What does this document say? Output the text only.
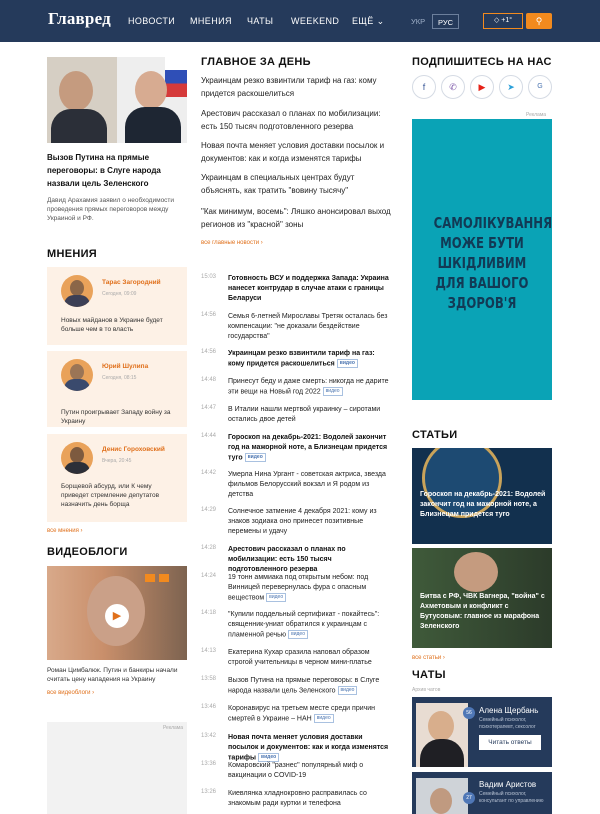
Главред НОВОСТИ МНЕНИЯ ЧАТЫ WEEKEND ЕЩЁ ⌄	УКР	РУС	◇ +1°	⚲
Вызов Путина на прямые переговоры: в Слуге народа назвали цель Зеленского
Давид Арахамия заявил о необходимости проведения прямых переговоров между Украиной и РФ.
МНЕНИЯ
Тарас Загородний
Сегодня, 09:09
Новых майданов в Украине будет больше чем в то власть
Юрий Шулипа
Сегодня, 08:15
Путин проигрывает Западу войну за Украину
Денис Гороховский
Вчера, 20:45
Борщевой абсурд, или К чему приведет стремление депутатов назначить день борща
все мнения ›
ВИДЕОБЛОГИ
▶
Роман Цимбалюк. Путин и банкиры начали считать цену нападения на Украину
все видеоблоги ›
Реклама
ГЛАВНОЕ ЗА ДЕНЬ
Украинцам резко взвинтили тариф на газ: кому придется раскошелиться
Арестович рассказал о планах по мобилизации: есть 150 тысяч подготовленного резерва
Новая почта меняет условия доставки посылок и документов: как и когда изменятся тарифы
Украинцам в специальных центрах будут объяснять, как тратить "вовину тысячу"
"Как минимум, восемь": Ляшко анонсировал выход регионов из "красной" зоны
все главные новости ›
15:03 Готовность ВСУ и поддержка Запада: Украина нанесет контрудар в случае атаки с границы Беларуси
14:56 Семья 6-летней Мирославы Третяк осталась без компенсации: "не доказали бездействие государства"
14:56 Украинцам резко взвинтили тариф на газ: кому придется раскошелиться видео
14:48 Принесут беду и даже смерть: никогда не дарите эти вещи на Новый год 2022 видео
14:47 В Италии нашли мертвой украинку – сиротами остались двое детей
14:44 Гороскоп на декабрь-2021: Водолей закончит год на мажорной ноте, а Близнецам придется туго видео
14:42 Умерла Нина Ургант - советская актриса, звезда фильмов Белорусский вокзал и Я родом из детства
14:29 Солнечное затмение 4 декабря 2021: кому из знаков зодиака оно принесет позитивные перемены и удачу
14:28 Арестович рассказал о планах по мобилизации: есть 150 тысяч подготовленного резерва
14:24 19 тонн аммиака под открытым небом: под Винницей перевернулась фура с опасным веществом видео
14:18 "Купили поддельный сертификат - покайтесь": священник-униат обратился к украинцам с пламенной речью видео
14:13 Екатерина Кухар сразила наповал образом строгой учительницы в черном мини-платье
13:58 Вызов Путина на прямые переговоры: в Слуге народа назвали цель Зеленского видео
13:46 Коронавирус на третьем месте среди причин смертей в Украине – НАН видео
13:42 Новая почта меняет условия доставки посылок и документов: как и когда изменятся тарифы видео
13:36 Комаровский "разнес" популярный миф о вакцинации о COVID-19
13:26 Киевлянка хладнокровно расправилась со знакомым ради куртки и телефона
ПОДПИШИТЕСЬ НА НАС
f	✆	▶	➤	G
Реклама
САМОЛІКУВАННЯ МОЖЕ БУТИ ШКІДЛИВИМ ДЛЯ ВАШОГО ЗДОРОВ'Я
СТАТЬИ
Гороскоп на декабрь-2021: Водолей закончит год на мажорной ноте, а Близнецам придется туго
Битва с РФ, ЧВК Вагнера, "война" с Ахметовым и конфликт с Бутусовым: главное из марафона Зеленского
все статьи ›
ЧАТЫ
Архив чатов
56 Алена Щербань
Семейный психолог, психотерапевт, сексолог
Читать ответы
27
Вадим Аристов
Семейный психолог, консультант по управлению
